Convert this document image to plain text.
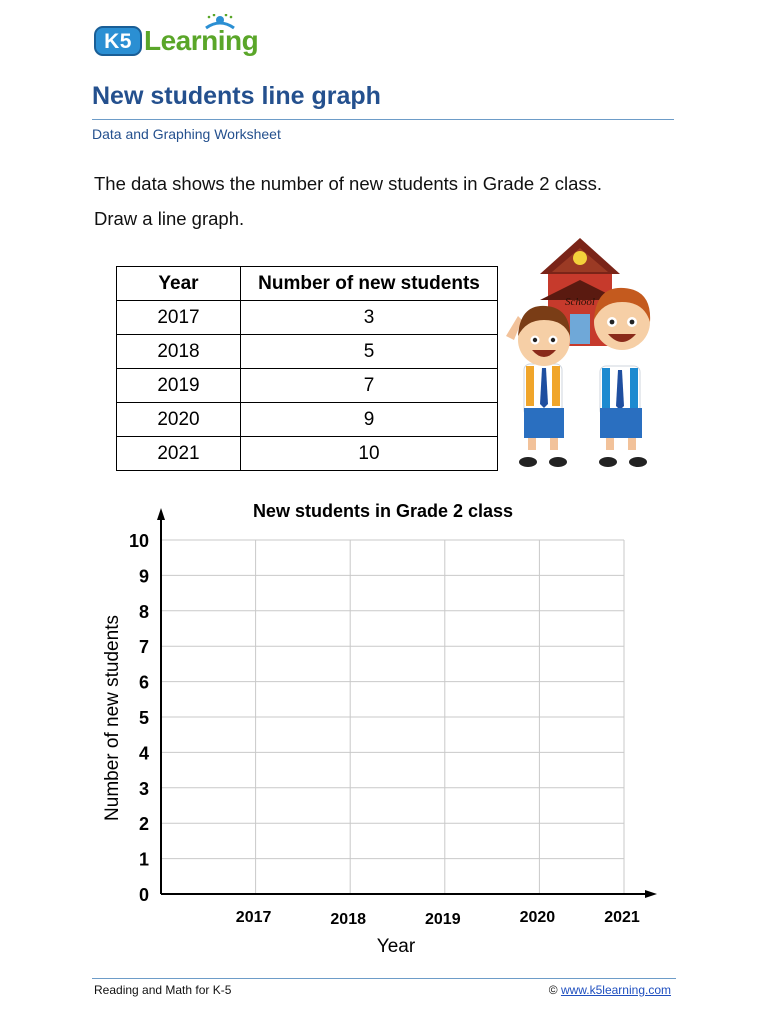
K5 Learning
New students line graph
Data and Graphing Worksheet
The data shows the number of new students in Grade 2 class.
Draw a line graph.
Year	Number of new students
2017	3
2018	5
2019	7
2020	9
2021	10
School
New students in Grade 2 class
0
1
2
3
4
5
6
7
8
9
10
2017	2018	2019	2020	2021
Year
Number of new students
Reading and Math for K-5	© www.k5learning.com
